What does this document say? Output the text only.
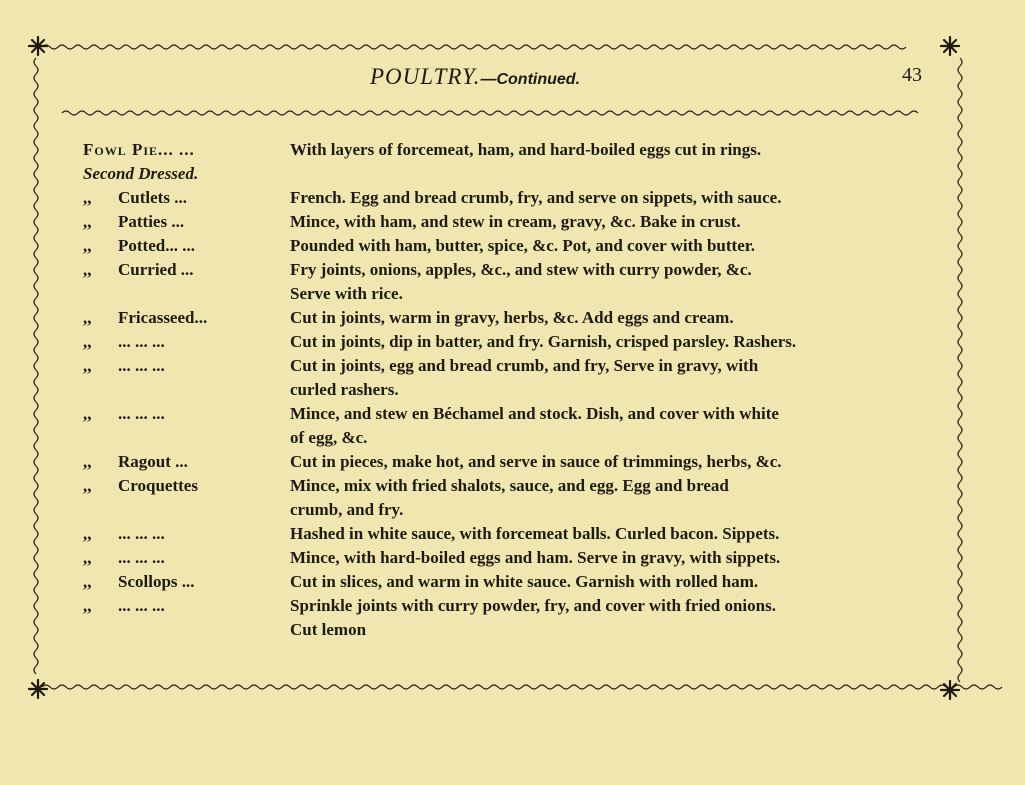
POULTRY.—Continued.	43
Fowl Pie... ...	With layers of forcemeat, ham, and hard-boiled eggs cut in rings.
Second Dressed.
,, Cutlets ...	French. Egg and bread crumb, fry, and serve on sippets, with sauce.
,, Patties ...	Mince, with ham, and stew in cream, gravy, &c. Bake in crust.
,, Potted... ...	Pounded with ham, butter, spice, &c. Pot, and cover with butter.
,, Curried ...	Fry joints, onions, apples, &c., and stew with curry powder, &c.
Serve with rice.
,, Fricasseed...	Cut in joints, warm in gravy, herbs, &c. Add eggs and cream.
,, ... ... ...	Cut in joints, dip in batter, and fry. Garnish, crisped parsley. Rashers.
,, ... ... ...	Cut in joints, egg and bread crumb, and fry, Serve in gravy, with
curled rashers.
,, ... ... ...	Mince, and stew en Béchamel and stock. Dish, and cover with white
of egg, &c.
,, Ragout ...	Cut in pieces, make hot, and serve in sauce of trimmings, herbs, &c.
,, Croquettes	Mince, mix with fried shalots, sauce, and egg. Egg and bread
crumb, and fry.
,, ... ... ...	Hashed in white sauce, with forcemeat balls. Curled bacon. Sippets.
,, ... ... ...	Mince, with hard-boiled eggs and ham. Serve in gravy, with sippets.
,, Scollops ...	Cut in slices, and warm in white sauce. Garnish with rolled ham.
,, ... ... ...	Sprinkle joints with curry powder, fry, and cover with fried onions.
Cut lemon
